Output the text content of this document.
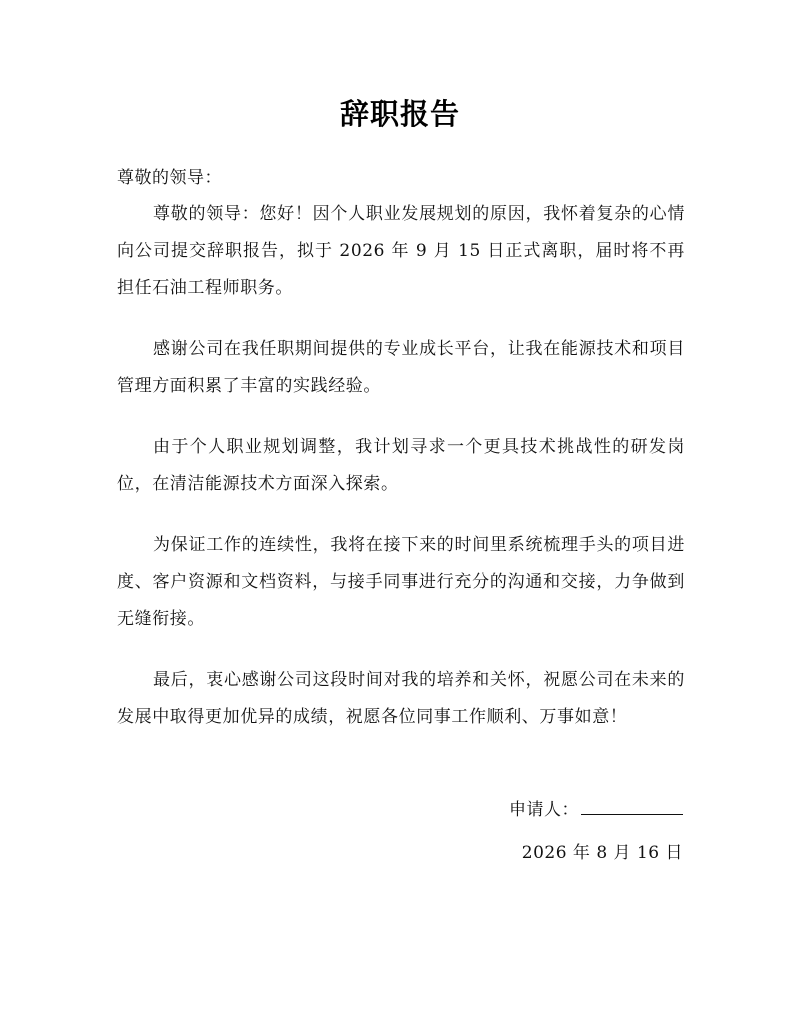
辞职报告
尊敬的领导：

尊敬的领导：您好！因个人职业发展规划的原因，我怀着复杂的心情向公司提交辞职报告，拟于 2026 年 9 月 15 日正式离职，届时将不再担任石油工程师职务。

感谢公司在我任职期间提供的专业成长平台，让我在能源技术和项目管理方面积累了丰富的实践经验。

由于个人职业规划调整，我计划寻求一个更具技术挑战性的研发岗位，在清洁能源技术方面深入探索。

为保证工作的连续性，我将在接下来的时间里系统梳理手头的项目进度、客户资源和文档资料，与接手同事进行充分的沟通和交接，力争做到无缝衔接。

最后，衷心感谢公司这段时间对我的培养和关怀，祝愿公司在未来的发展中取得更加优异的成绩，祝愿各位同事工作顺利、万事如意！

申请人：
2026 年 8 月 16 日
